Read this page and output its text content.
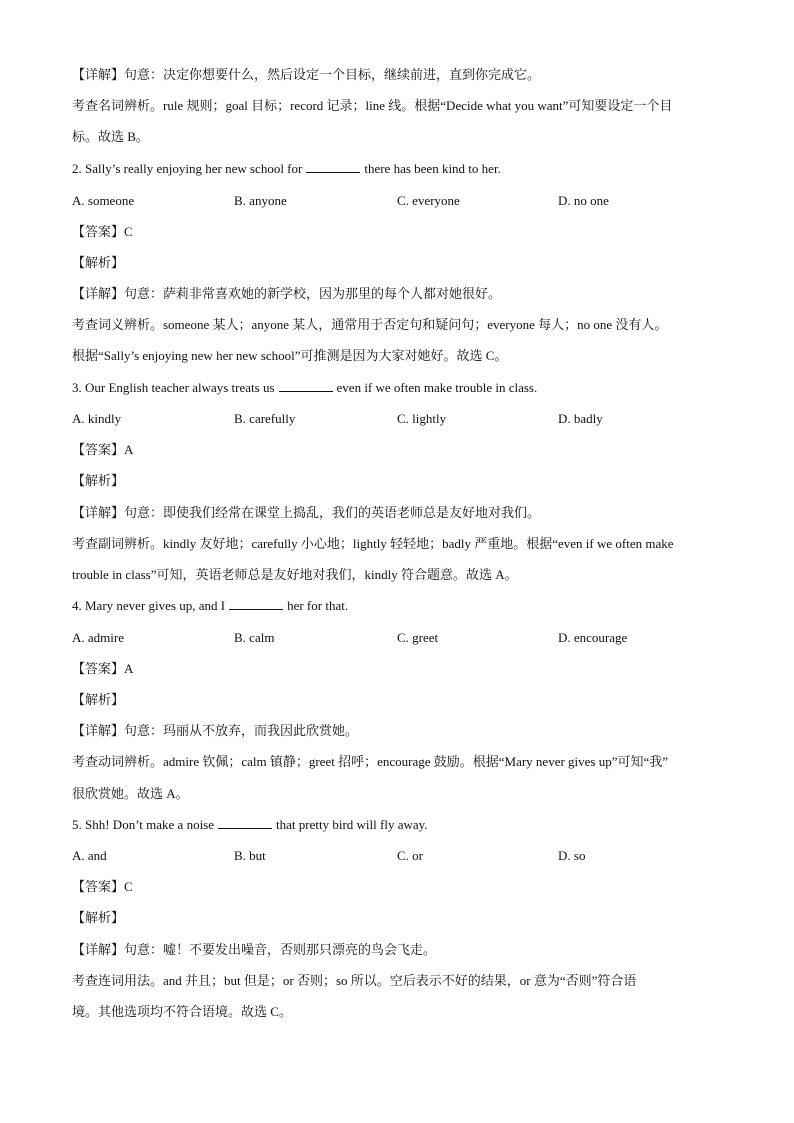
【详解】句意：决定你想要什么，然后设定一个目标，继续前进，直到你完成它。
考查名词辨析。rule 规则；goal 目标；record 记录；line 线。根据“Decide what you want”可知要设定一个目
标。故选 B。
2. Sally’s really enjoying her new school for	there has been kind to her.
A. someone	B. anyone	C. everyone	D. no one
【答案】C
【解析】
【详解】句意：萨莉非常喜欢她的新学校，因为那里的每个人都对她很好。
考查词义辨析。someone 某人；anyone 某人，通常用于否定句和疑问句；everyone 每人；no one 没有人。
根据“Sally’s enjoying new her new school”可推测是因为大家对她好。故选 C。
3. Our English teacher always treats us	even if we often make trouble in class.
A. kindly	B. carefully	C. lightly	D. badly
【答案】A
【解析】
【详解】句意：即使我们经常在课堂上捣乱，我们的英语老师总是友好地对我们。
考查副词辨析。kindly 友好地；carefully 小心地；lightly 轻轻地；badly 严重地。根据“even if we often make
trouble in class”可知，英语老师总是友好地对我们，kindly 符合题意。故选 A。
4. Mary never gives up, and I	her for that.
A. admire	B. calm	C. greet	D. encourage
【答案】A
【解析】
【详解】句意：玛丽从不放弃，而我因此欣赏她。
考查动词辨析。admire 钦佩；calm 镇静；greet 招呼；encourage 鼓励。根据“Mary never gives up”可知“我”
很欣赏她。故选 A。
5. Shh! Don’t make a noise	that pretty bird will fly away.
A. and	B. but	C. or	D. so
【答案】C
【解析】
【详解】句意：嘘！不要发出噪音，否则那只漂亮的鸟会飞走。
考查连词用法。and 并且；but 但是；or 否则；so 所以。空后表示不好的结果，or 意为“否则”符合语
境。其他选项均不符合语境。故选 C。
